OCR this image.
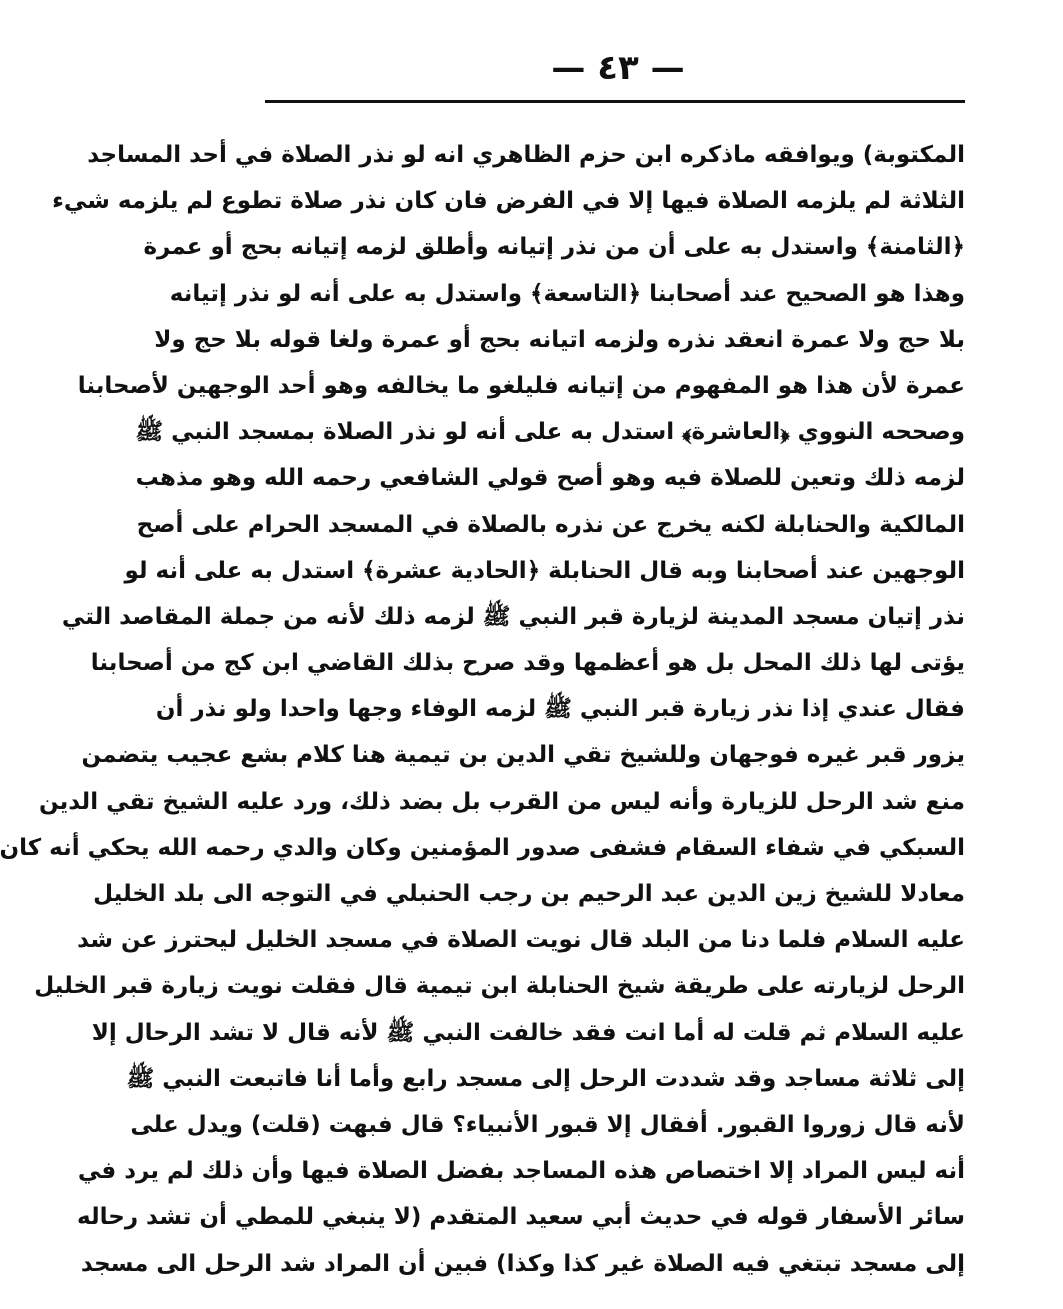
— ٤٣ —
المكتوبة) ويوافقه ماذكره ابن حزم الظاهري انه لو نذر الصلاة في أحد المساجد
الثلاثة لم يلزمه الصلاة فيها إلا في الفرض فان كان نذر صلاة تطوع لم يلزمه شيء
﴿الثامنة﴾ واستدل به على أن من نذر إتيانه وأطلق لزمه إتيانه بحج أو عمرة
وهذا هو الصحيح عند أصحابنا ﴿التاسعة﴾ واستدل به على أنه لو نذر إتيانه
بلا حج ولا عمرة انعقد نذره ولزمه اتيانه بحج أو عمرة ولغا قوله بلا حج ولا
عمرة لأن هذا هو المفهوم من إتيانه فليلغو ما يخالفه وهو أحد الوجهين لأصحابنا
وصححه النووي ﴿العاشرة﴾ استدل به على أنه لو نذر الصلاة بمسجد النبي ﷺ
لزمه ذلك وتعين للصلاة فيه وهو أصح قولي الشافعي رحمه الله وهو مذهب
المالكية والحنابلة لكنه يخرج عن نذره بالصلاة في المسجد الحرام على أصح
الوجهين عند أصحابنا وبه قال الحنابلة ﴿الحادية عشرة﴾ استدل به على أنه لو
نذر إتيان مسجد المدينة لزيارة قبر النبي ﷺ لزمه ذلك لأنه من جملة المقاصد التي
يؤتى لها ذلك المحل بل هو أعظمها وقد صرح بذلك القاضي ابن كج من أصحابنا
فقال عندي إذا نذر زيارة قبر النبي ﷺ لزمه الوفاء وجها واحدا ولو نذر أن
يزور قبر غيره فوجهان وللشيخ تقي الدين بن تيمية هنا كلام بشع عجيب يتضمن
منع شد الرحل للزيارة وأنه ليس من القرب بل بضد ذلك، ورد عليه الشيخ تقي الدين
السبكي في شفاء السقام فشفى صدور المؤمنين وكان والدي رحمه الله يحكي أنه كان
معادلا للشيخ زين الدين عبد الرحيم بن رجب الحنبلي في التوجه الى بلد الخليل
عليه السلام فلما دنا من البلد قال نويت الصلاة في مسجد الخليل ليحترز عن شد
الرحل لزيارته على طريقة شيخ الحنابلة ابن تيمية قال فقلت نويت زيارة قبر الخليل
عليه السلام ثم قلت له أما انت فقد خالفت النبي ﷺ لأنه قال لا تشد الرحال إلا
إلى ثلاثة مساجد وقد شددت الرحل إلى مسجد رابع وأما أنا فاتبعت النبي ﷺ
لأنه قال زوروا القبور. أفقال إلا قبور الأنبياء؟ قال فبهت (قلت) ويدل على
أنه ليس المراد إلا اختصاص هذه المساجد بفضل الصلاة فيها وأن ذلك لم يرد في
سائر الأسفار قوله في حديث أبي سعيد المتقدم (لا ينبغي للمطي أن تشد رحاله
إلى مسجد تبتغي فيه الصلاة غير كذا وكذا) فبين أن المراد شد الرحل الى مسجد
